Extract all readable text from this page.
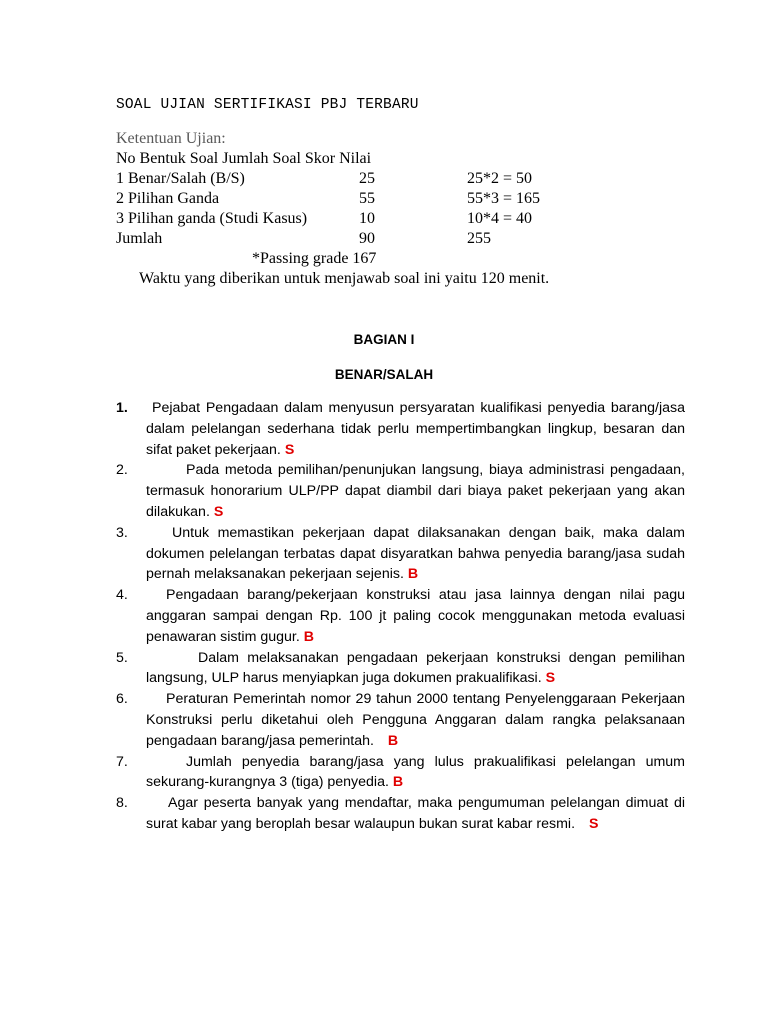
SOAL UJIAN SERTIFIKASI PBJ TERBARU
Ketentuan Ujian:
No Bentuk Soal Jumlah Soal Skor Nilai
1 Benar/Salah (B/S)	25	25*2 = 50
2 Pilihan Ganda	55	55*3 = 165
3 Pilihan ganda (Studi Kasus)	10	10*4 = 40
Jumlah	90	255
*Passing grade 167
Waktu yang diberikan untuk menjawab soal ini yaitu 120 menit.
BAGIAN I
BENAR/SALAH
1.	Pejabat Pengadaan dalam menyusun persyaratan kualifikasi penyedia barang/jasa dalam pelelangan sederhana tidak perlu mempertimbangkan lingkup, besaran dan sifat paket pekerjaan. S
2.	Pada metoda pemilihan/penunjukan langsung, biaya administrasi pengadaan, termasuk honorarium ULP/PP dapat diambil dari biaya paket pekerjaan yang akan dilakukan. S
3.	Untuk memastikan pekerjaan dapat dilaksanakan dengan baik, maka dalam dokumen pelelangan terbatas dapat disyaratkan bahwa penyedia barang/jasa sudah pernah melaksanakan pekerjaan sejenis. B
4.	Pengadaan barang/pekerjaan konstruksi atau jasa lainnya dengan nilai pagu anggaran sampai dengan Rp. 100 jt paling cocok menggunakan metoda evaluasi penawaran sistim gugur. B
5.	Dalam melaksanakan pengadaan pekerjaan konstruksi dengan pemilihan langsung, ULP harus menyiapkan juga dokumen prakualifikasi. S
6.	Peraturan Pemerintah nomor 29 tahun 2000 tentang Penyelenggaraan Pekerjaan Konstruksi perlu diketahui oleh Pengguna Anggaran dalam rangka pelaksanaan pengadaan barang/jasa pemerintah. B
7.	Jumlah penyedia barang/jasa yang lulus prakualifikasi pelelangan umum sekurang-kurangnya 3 (tiga) penyedia. B
8.	Agar peserta banyak yang mendaftar, maka pengumuman pelelangan dimuat di surat kabar yang beroplah besar walaupun bukan surat kabar resmi. S
